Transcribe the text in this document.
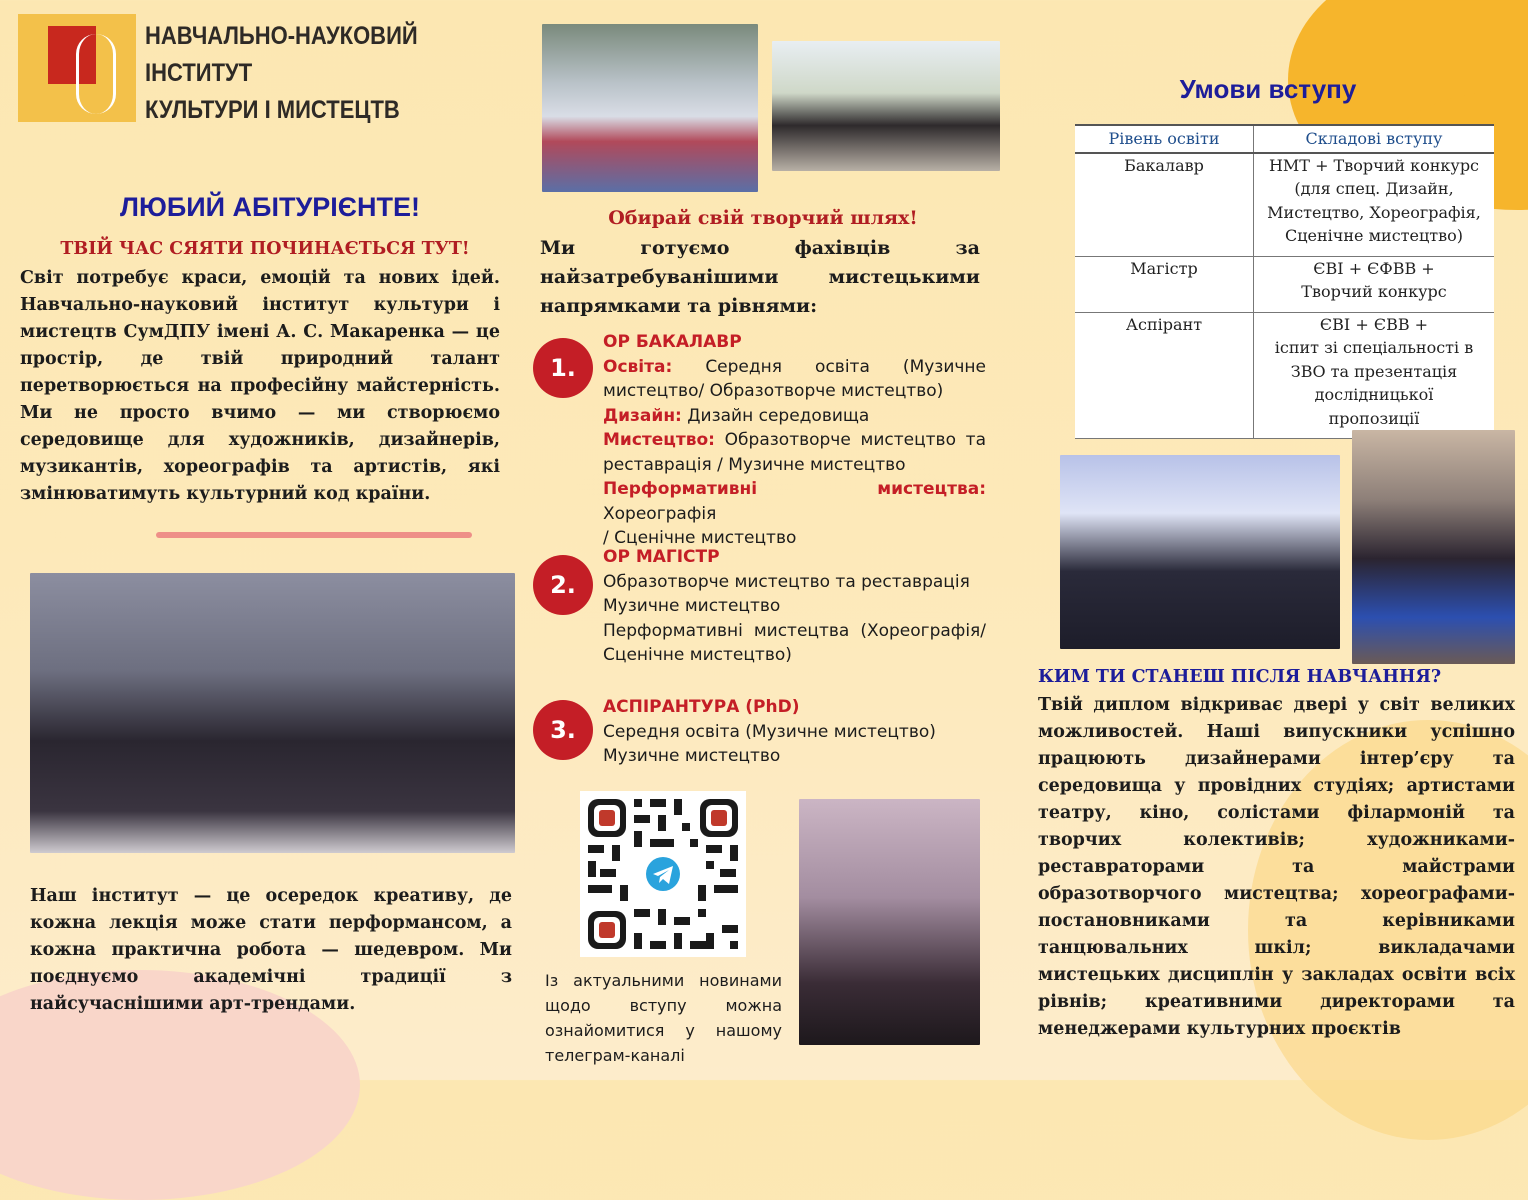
НАВЧАЛЬНО-НАУКОВИЙ
ІНСТИТУТ
КУЛЬТУРИ І МИСТЕЦТВ
ЛЮБИЙ АБІТУРІЄНТЕ!
ТВІЙ ЧАС СЯЯТИ ПОЧИНАЄТЬСЯ ТУТ!
Світ потребує краси, емоцій та нових ідей.
Навчально-науковий інститут культури і
мистецтв СумДПУ імені А. С. Макаренка — це
простір, де твій природний талант
перетворюється на професійну майстерність.
Ми не просто вчимо — ми створюємо
середовище для художників, дизайнерів,
музикантів, хореографів та артистів, які
змінюватимуть культурний код країни.
Наш інститут — це осередок креативу, де
кожна лекція може стати перформансом, а
кожна практична робота — шедевром. Ми
поєднуємо академічні традиції з
найсучаснішими арт-трендами.
Обирай свій творчий шлях!
Ми готуємо фахівців за
найзатребуванішими мистецькими
напрямками та рівнями:
1.
ОР БАКАЛАВР
Освіта: Середня освіта (Музичне
мистецтво/ Образотворче мистецтво)
Дизайн: Дизайн середовища
Мистецтво: Образотворче мистецтво та
реставрація / Музичне мистецтво
Перформативні мистецтва: Хореографія
/ Сценічне мистецтво
2.
ОР МАГІСТР
Образотворче мистецтво та реставрація
Музичне мистецтво
Перформативні мистецтва (Хореографія/
Сценічне мистецтво)
3.
АСПІРАНТУРА (PhD)
Середня освіта (Музичне мистецтво)
Музичне мистецтво
Із актуальними новинами
щодо вступу можна
ознайомитися у нашому
телеграм-каналі
Умови вступу
Рівень освіти	Складові вступу
Бакалавр	НМТ + Творчий конкурс
(для спец. Дизайн,
Мистецтво, Хореографія,
Сценічне мистецтво)

Магістр	ЄВІ + ЄФВВ +
Творчий конкурс

Аспірант	ЄВІ + ЄВВ +
іспит зі спеціальності в
ЗВО та презентація
дослідницької
пропозиції
КИМ ТИ СТАНЕШ ПІСЛЯ НАВЧАННЯ?
Твій диплом відкриває двері у світ великих
можливостей. Наші випускники успішно
працюють дизайнерами інтер’єру та
середовища у провідних студіях; артистами
театру, кіно, солістами філармоній та
творчих колективів; художниками-
реставраторами та майстрами
образотворчого мистецтва; хореографами-
постановниками та керівниками
танцювальних шкіл; викладачами
мистецьких дисциплін у закладах освіти всіх
рівнів; креативними директорами та
менеджерами культурних проєктів
